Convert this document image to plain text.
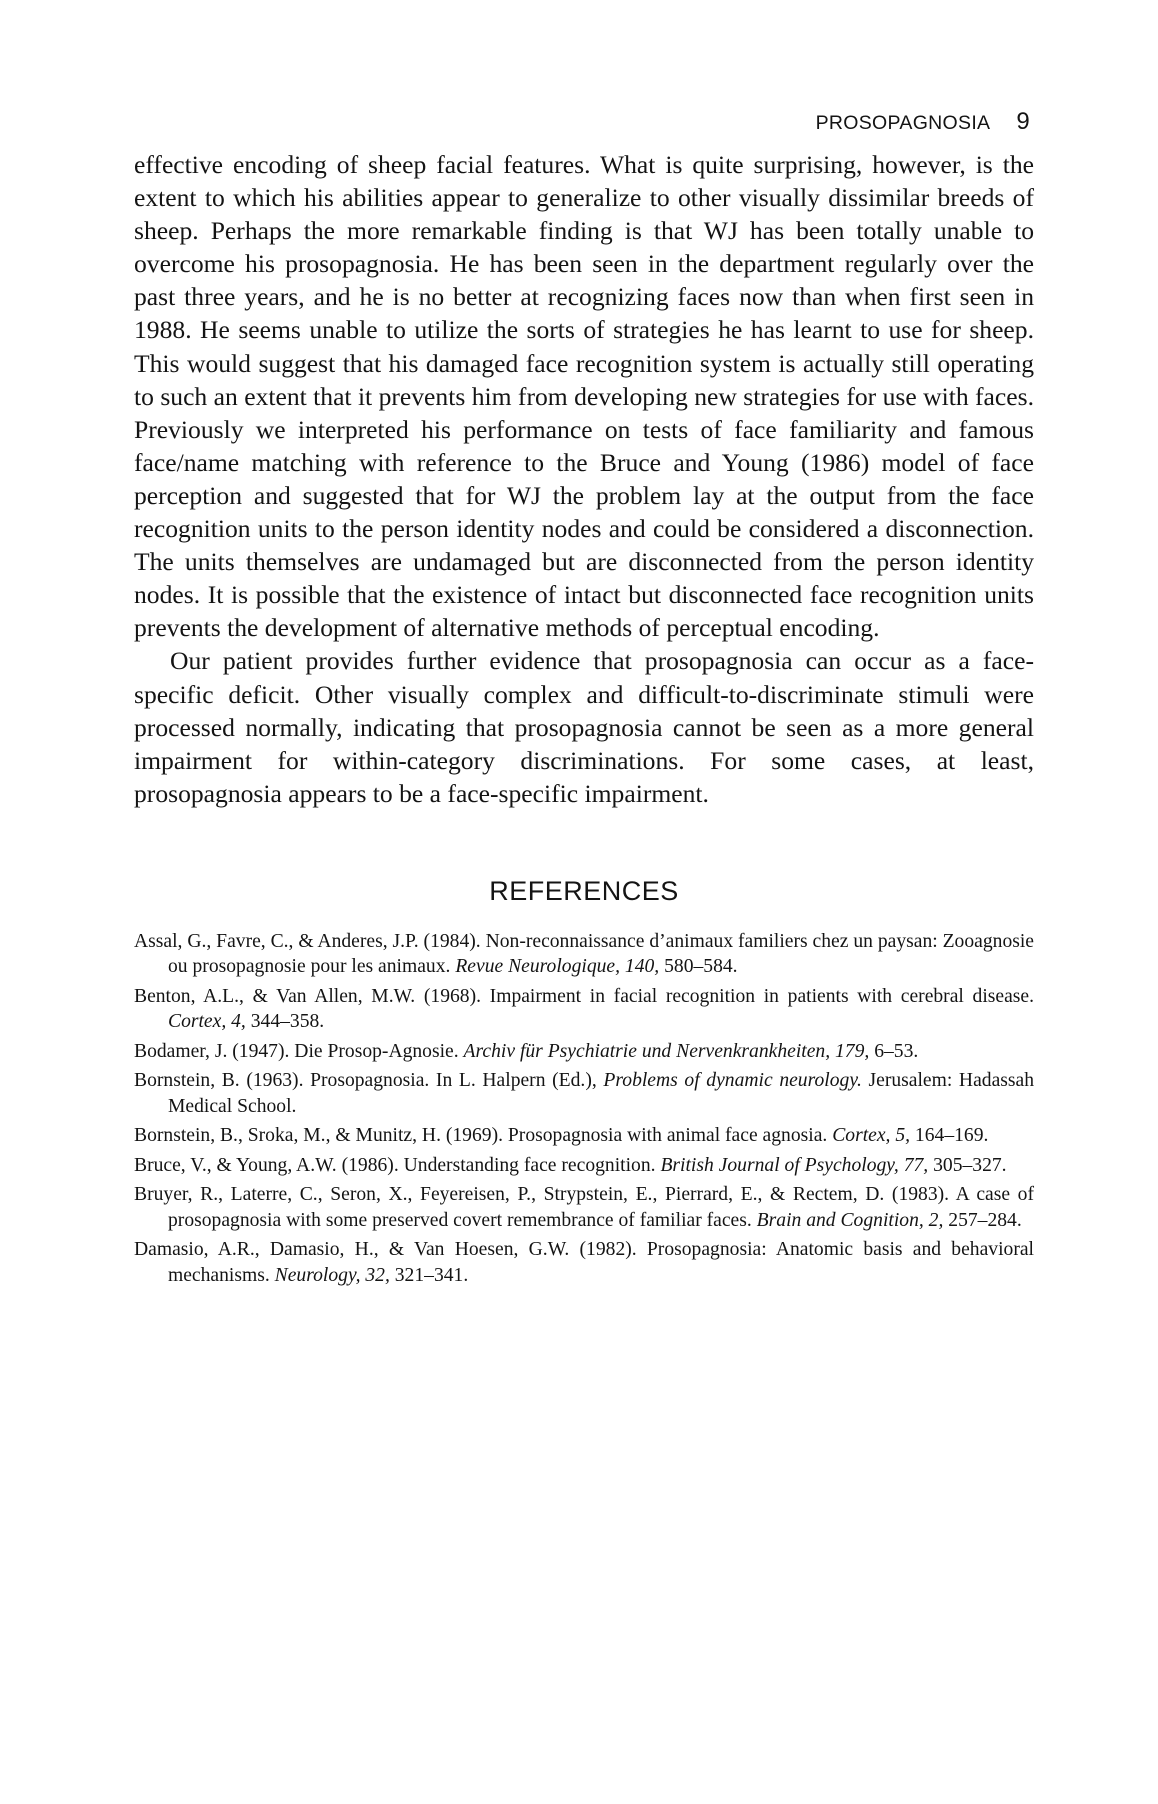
PROSOPAGNOSIA 9

effective encoding of sheep facial features. What is quite surprising, however, is the extent to which his abilities appear to generalize to other visually dissimilar breeds of sheep. Perhaps the more remarkable finding is that WJ has been totally unable to overcome his prosopagnosia. He has been seen in the department regularly over the past three years, and he is no better at recognizing faces now than when first seen in 1988. He seems unable to utilize the sorts of strategies he has learnt to use for sheep. This would suggest that his damaged face recognition system is actually still operating to such an extent that it prevents him from developing new strategies for use with faces. Previously we interpreted his performance on tests of face familiarity and famous face/name matching with reference to the Bruce and Young (1986) model of face perception and suggested that for WJ the problem lay at the output from the face recognition units to the person identity nodes and could be considered a disconnection. The units themselves are undamaged but are disconnected from the person identity nodes. It is possible that the existence of intact but disconnected face recognition units prevents the development of alternative methods of perceptual encoding.

Our patient provides further evidence that prosopagnosia can occur as a face-specific deficit. Other visually complex and difficult-to-discriminate stimuli were processed normally, indicating that prosopagnosia cannot be seen as a more general impairment for within-category discriminations. For some cases, at least, prosopagnosia appears to be a face-specific impairment.

REFERENCES

Assal, G., Favre, C., & Anderes, J.P. (1984). Non-reconnaissance d’animaux familiers chez un paysan: Zooagnosie ou prosopagnosie pour les animaux. Revue Neurologique, 140, 580–584.

Benton, A.L., & Van Allen, M.W. (1968). Impairment in facial recognition in patients with cerebral disease. Cortex, 4, 344–358.

Bodamer, J. (1947). Die Prosop-Agnosie. Archiv für Psychiatrie und Nervenkrankheiten, 179, 6–53.

Bornstein, B. (1963). Prosopagnosia. In L. Halpern (Ed.), Problems of dynamic neurology. Jerusalem: Hadassah Medical School.

Bornstein, B., Sroka, M., & Munitz, H. (1969). Prosopagnosia with animal face agnosia. Cortex, 5, 164–169.

Bruce, V., & Young, A.W. (1986). Understanding face recognition. British Journal of Psychology, 77, 305–327.

Bruyer, R., Laterre, C., Seron, X., Feyereisen, P., Strypstein, E., Pierrard, E., & Rectem, D. (1983). A case of prosopagnosia with some preserved covert remembrance of familiar faces. Brain and Cognition, 2, 257–284.

Damasio, A.R., Damasio, H., & Van Hoesen, G.W. (1982). Prosopagnosia: Anatomic basis and behavioral mechanisms. Neurology, 32, 321–341.
